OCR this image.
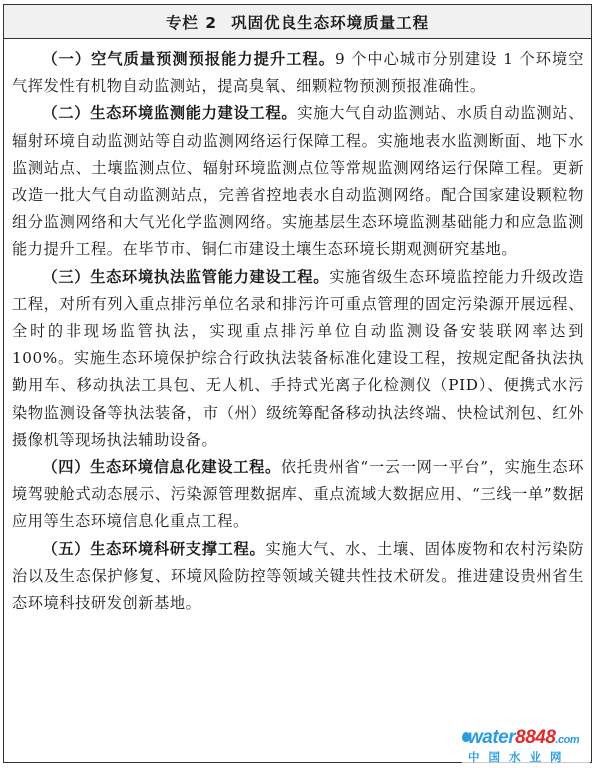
专栏 2 巩固优良生态环境质量工程

（一）空气质量预测预报能力提升工程。9 个中心城市分别建设 1 个环境空气挥发性有机物自动监测站，提高臭氧、细颗粒物预测预报准确性。

（二）生态环境监测能力建设工程。实施大气自动监测站、水质自动监测站、辐射环境自动监测站等自动监测网络运行保障工程。实施地表水监测断面、地下水监测站点、土壤监测点位、辐射环境监测点位等常规监测网络运行保障工程。更新改造一批大气自动监测站点，完善省控地表水自动监测网络。配合国家建设颗粒物组分监测网络和大气光化学监测网络。实施基层生态环境监测基础能力和应急监测能力提升工程。在毕节市、铜仁市建设土壤生态环境长期观测研究基地。

（三）生态环境执法监管能力建设工程。实施省级生态环境监控能力升级改造工程，对所有列入重点排污单位名录和排污许可重点管理的固定污染源开展远程、全时的非现场监管执法，实现重点排污单位自动监测设备安装联网率达到 100%。实施生态环境保护综合行政执法装备标准化建设工程，按规定配备执法执勤用车、移动执法工具包、无人机、手持式光离子化检测仪（PID）、便携式水污染物监测设备等执法装备，市（州）级统筹配备移动执法终端、快检试剂包、红外摄像机等现场执法辅助设备。

（四）生态环境信息化建设工程。依托贵州省“一云一网一平台”，实施生态环境驾驶舱式动态展示、污染源管理数据库、重点流域大数据应用、“三线一单”数据应用等生态环境信息化重点工程。

（五）生态环境科研支撑工程。实施大气、水、土壤、固体废物和农村污染防治以及生态保护修复、环境风险防控等领域关键共性技术研发。推进建设贵州省生态环境科技研发创新基地。

water8848.com
中国水业网
